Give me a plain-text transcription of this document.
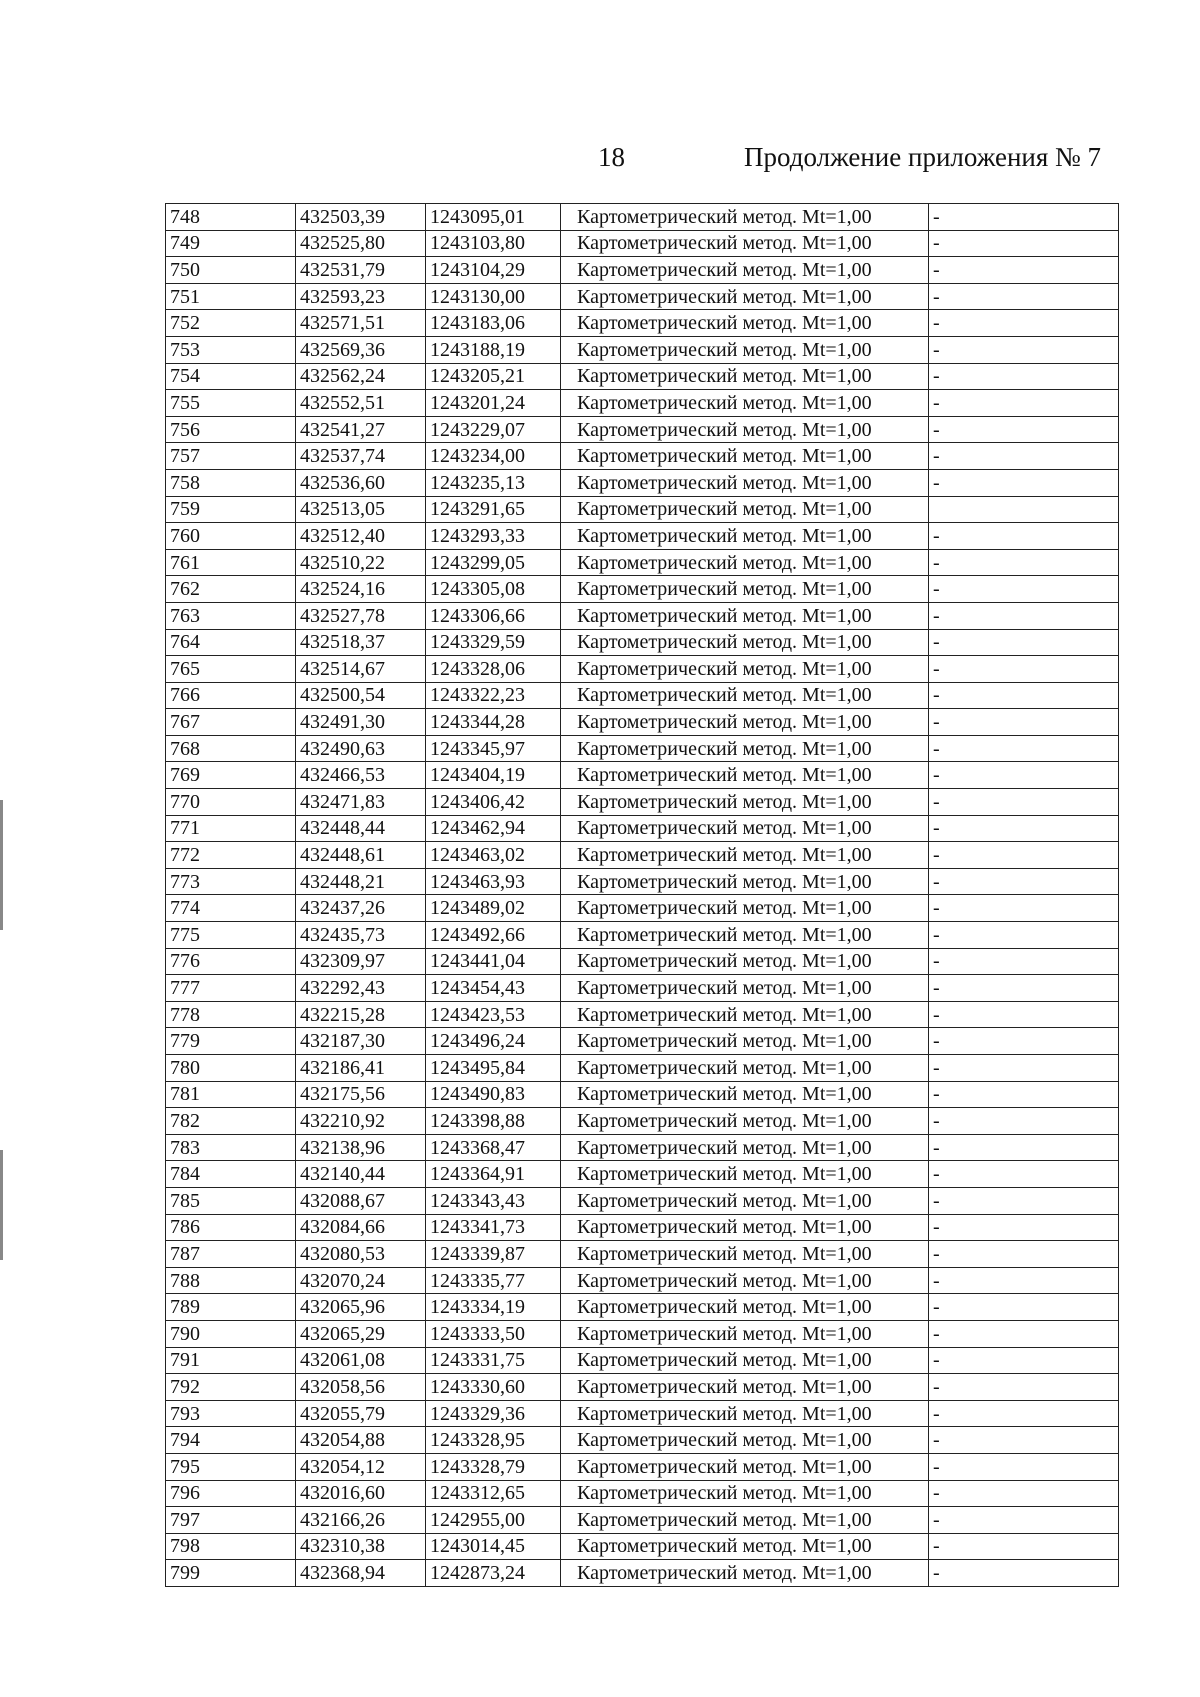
18	Продолжение приложения № 7
748	432503,39	1243095,01	Картометрический метод. Mt=1,00	-
749	432525,80	1243103,80	Картометрический метод. Mt=1,00	-
750	432531,79	1243104,29	Картометрический метод. Mt=1,00	-
751	432593,23	1243130,00	Картометрический метод. Mt=1,00	-
752	432571,51	1243183,06	Картометрический метод. Mt=1,00	-
753	432569,36	1243188,19	Картометрический метод. Mt=1,00	-
754	432562,24	1243205,21	Картометрический метод. Mt=1,00	-
755	432552,51	1243201,24	Картометрический метод. Mt=1,00	-
756	432541,27	1243229,07	Картометрический метод. Mt=1,00	-
757	432537,74	1243234,00	Картометрический метод. Mt=1,00	-
758	432536,60	1243235,13	Картометрический метод. Mt=1,00	-
759	432513,05	1243291,65	Картометрический метод. Mt=1,00	
760	432512,40	1243293,33	Картометрический метод. Mt=1,00	-
761	432510,22	1243299,05	Картометрический метод. Mt=1,00	-
762	432524,16	1243305,08	Картометрический метод. Mt=1,00	-
763	432527,78	1243306,66	Картометрический метод. Mt=1,00	-
764	432518,37	1243329,59	Картометрический метод. Mt=1,00	-
765	432514,67	1243328,06	Картометрический метод. Mt=1,00	-
766	432500,54	1243322,23	Картометрический метод. Mt=1,00	-
767	432491,30	1243344,28	Картометрический метод. Mt=1,00	-
768	432490,63	1243345,97	Картометрический метод. Mt=1,00	-
769	432466,53	1243404,19	Картометрический метод. Mt=1,00	-
770	432471,83	1243406,42	Картометрический метод. Mt=1,00	-
771	432448,44	1243462,94	Картометрический метод. Mt=1,00	-
772	432448,61	1243463,02	Картометрический метод. Mt=1,00	-
773	432448,21	1243463,93	Картометрический метод. Mt=1,00	-
774	432437,26	1243489,02	Картометрический метод. Mt=1,00	-
775	432435,73	1243492,66	Картометрический метод. Mt=1,00	-
776	432309,97	1243441,04	Картометрический метод. Mt=1,00	-
777	432292,43	1243454,43	Картометрический метод. Mt=1,00	-
778	432215,28	1243423,53	Картометрический метод. Mt=1,00	-
779	432187,30	1243496,24	Картометрический метод. Mt=1,00	-
780	432186,41	1243495,84	Картометрический метод. Mt=1,00	-
781	432175,56	1243490,83	Картометрический метод. Mt=1,00	-
782	432210,92	1243398,88	Картометрический метод. Mt=1,00	-
783	432138,96	1243368,47	Картометрический метод. Mt=1,00	-
784	432140,44	1243364,91	Картометрический метод. Mt=1,00	-
785	432088,67	1243343,43	Картометрический метод. Mt=1,00	-
786	432084,66	1243341,73	Картометрический метод. Mt=1,00	-
787	432080,53	1243339,87	Картометрический метод. Mt=1,00	-
788	432070,24	1243335,77	Картометрический метод. Mt=1,00	-
789	432065,96	1243334,19	Картометрический метод. Mt=1,00	-
790	432065,29	1243333,50	Картометрический метод. Mt=1,00	-
791	432061,08	1243331,75	Картометрический метод. Mt=1,00	-
792	432058,56	1243330,60	Картометрический метод. Mt=1,00	-
793	432055,79	1243329,36	Картометрический метод. Mt=1,00	-
794	432054,88	1243328,95	Картометрический метод. Mt=1,00	-
795	432054,12	1243328,79	Картометрический метод. Mt=1,00	-
796	432016,60	1243312,65	Картометрический метод. Mt=1,00	-
797	432166,26	1242955,00	Картометрический метод. Mt=1,00	-
798	432310,38	1243014,45	Картометрический метод. Mt=1,00	-
799	432368,94	1242873,24	Картометрический метод. Mt=1,00	-
